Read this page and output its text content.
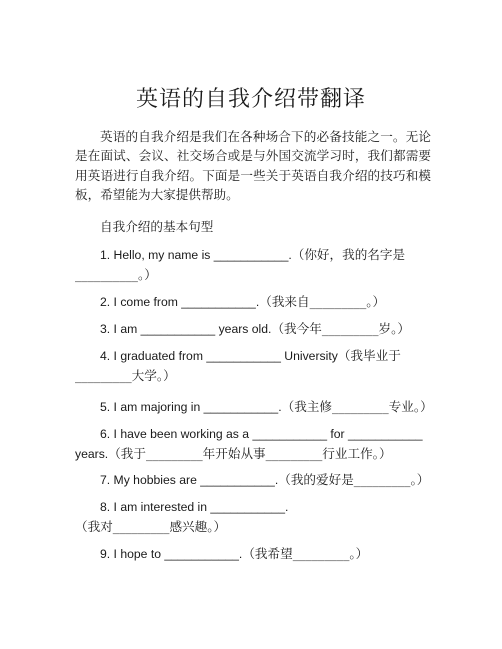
英语的自我介绍带翻译

英语的自我介绍是我们在各种场合下的必备技能之一。无论是在面试、会议、社交场合或是与外国交流学习时，我们都需要用英语进行自我介绍。下面是一些关于英语自我介绍的技巧和模板，希望能为大家提供帮助。

自我介绍的基本句型

1. Hello, my name is ___________.（你好，我的名字是__________。）

2. I come from ___________.（我来自_________。）

3. I am ___________ years old.（我今年_________岁。）

4. I graduated from ___________ University（我毕业于_________大学。）

5. I am majoring in ___________.（我主修_________专业。）

6. I have been working as a ___________ for ___________ years.（我于_________年开始从事_________行业工作。）

7. My hobbies are ___________.（我的爱好是_________。）

8. I am interested in ___________.（我对_________感兴趣。）

9. I hope to ___________.（我希望_________。）
